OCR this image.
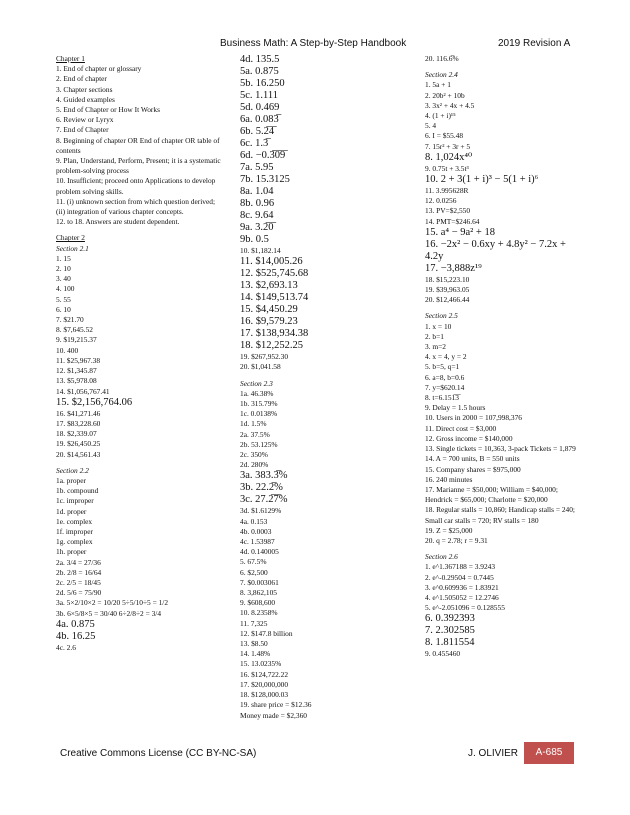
Business Math: A Step-by-Step Handbook	2019 Revision A
Chapter 1
1. End of chapter or glossary
2. End of chapter
3. Chapter sections
4. Guided examples
5. End of Chapter or How It Works
6. Review or Lyryx
7. End of Chapter
8. Beginning of chapter OR End of chapter OR table of contents
9. Plan, Understand, Perform, Present; it is a systematic problem-solving process
10. Insufficient; proceed onto Applications to develop problem solving skills.
11. (i) unknown section from which question derived; (ii) integration of various chapter concepts.
12. to 18. Answers are student dependent.
Chapter 2
Section 2.1
1. 15
2. 10
3. 40
4. 100
5. 55
6. 10
7. $21.70
8. $7,645.52
9. $19,215.37
10. 400
11. $25,967.38
12. $1,345.87
13. $5,978.08
14. $1,056,767.41
15. $2,156,764.06
16. $41,271.46
17. $83,228.60
18. $2,339.07
19. $26,450.25
20. $14,561.43
Section 2.2
1a. proper
1b. compound
1c. improper
1d. proper
1e. complex
1f. improper
1g. complex
1h. proper
2a. 3/4 = 27/36
2b. 2/8 = 16/64
2c. 2/5 = 18/45
2d. 5/6 = 75/90
3a. 5×2/10×2 = 10/20 5÷5/10÷5 = 1/2
3b. 6×5/8×5 = 30/40 6÷2/8÷2 = 3/4
4a. 0.875
4b. 16.25
4c. 2.6
4d. 135.5
5a. 0.875
5b. 16.250
5c. 1.111
5d. 0.469
6a. 0.083̅
6b. 5.2̅4̅
6c. 1.3̅
6d. −0.3̅0̅9̅
7a. 5.95
7b. 15.3125
8a. 1.04
8b. 0.96
8c. 9.64
9a. 3.2̅0̅
9b. 0.5
10. $1,182.14
11. $14,005.26
12. $525,745.68
13. $2,693.13
14. $149,513.74
15. $4,450.29
16. $9,579.23
17. $138,934.38
18. $12,252.25
19. $267,952.30
20. $1,041.58
Section 2.3
1a. 46.38%
1b. 315.79%
1c. 0.0138%
1d. 1.5%
2a. 37.5%
2b. 53.125%
2c. 350%
2d. 280%
3a. 383.3̅%
3b. 22.2̅%
3c. 27.2̅7̅%
3d. $1.6129%
4a. 0.153
4b. 0.0003
4c. 1.53987
4d. 0.140005
5. 67.5%
6. $2,500
7. $0.003061
8. 3,862,105
9. $608,600
10. 8.2358%
11. 7,325
12. $147.8 billion
13. $8.50
14. 1.48%
15. 13.0235%
16. $124,722.22
17. $20,000,000
18. $128,000.03
19. share price = $12.36
Money made = $2,360
20. 116.6̅%
Section 2.4
1. 5a + 1
2. 20b² + 10b
3. 3x² + 4x + 4.5
4. (1 + i)¹⁵
5. 4
6. I = $55.48
7. 15r² + 3r + 5
8. 1,024x⁴⁰
9. 0.75t + 3.5t³
10. 2 + 3(1 + i)³ − 5(1 + i)⁶
11. 3.995628R
12. 0.0256
13. PV=$2,550
14. PMT=$246.64
15. a⁴ − 9a² + 18
16. −2x² − 0.6xy + 4.8y² − 7.2x + 4.2y
17. −3,888z¹⁹
18. $15,223.10
19. $39,963.05
20. $12,466.44
Section 2.5
1. x = 10
2. b=1
3. m=2
4. x = 4, y = 2
5. b=5, q=1
6. a=8, b=0.6
7. y=$620.14
8. t=6.151̅3̅
9. Delay = 1.5 hours
10. Users in 2000 = 107,998,376
11. Direct cost = $3,000
12. Gross income = $140,000
13. Single tickets = 10,363, 3-pack Tickets = 1,879
14. A = 700 units, B = 550 units
15. Company shares = $975,000
16. 240 minutes
17. Marianne = $50,000; William = $40,000; Hendrick = $65,000; Charlotte = $20,000
18. Regular stalls = 10,860; Handicap stalls = 240; Small car stalls = 720; RV stalls = 180
19. Z = $25,000
20. q = 2.78; r = 9.31
Section 2.6
1. e^1.367188 = 3.9243
2. e^-0.29504 = 0.7445
3. e^0.609936 = 1.83921
4. e^1.505052 = 12.2746
5. e^-2.051096 = 0.128555
6. 0.392393
7. 2.302585
8. 1.811554
9. 0.455460
Creative Commons License (CC BY-NC-SA)	J. OLIVIER	A-685
